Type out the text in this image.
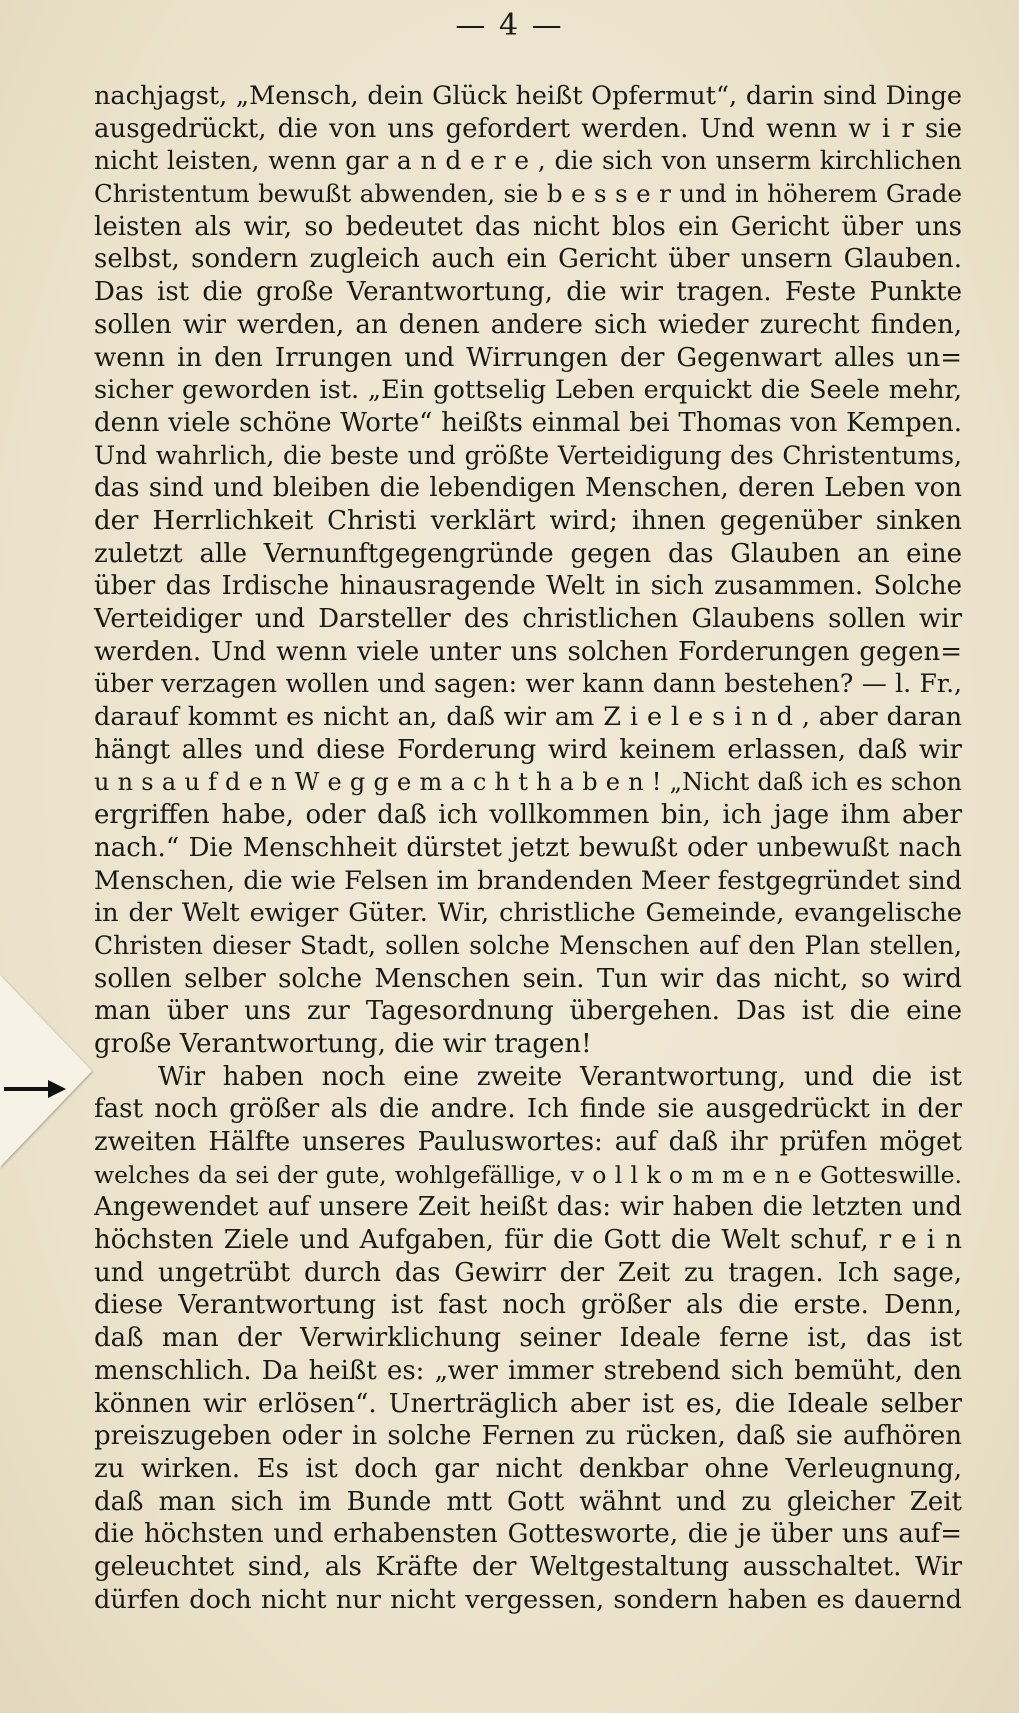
— 4 —
nachjagst, „Mensch, dein Glück heißt Opfermut“, darin sind Dinge
ausgedrückt, die von uns gefordert werden. Und wenn w i r sie
nicht leisten, wenn gar a n d e r e , die sich von unserm kirchlichen
Christentum bewußt abwenden, sie b e s s e r und in höherem Grade
leisten als wir, so bedeutet das nicht blos ein Gericht über uns
selbst, sondern zugleich auch ein Gericht über unsern Glauben.
Das ist die große Verantwortung, die wir tragen. Feste Punkte
sollen wir werden, an denen andere sich wieder zurecht finden,
wenn in den Irrungen und Wirrungen der Gegenwart alles un=
sicher geworden ist. „Ein gottselig Leben erquickt die Seele mehr,
denn viele schöne Worte“ heißts einmal bei Thomas von Kempen.
Und wahrlich, die beste und größte Verteidigung des Christentums,
das sind und bleiben die lebendigen Menschen, deren Leben von
der Herrlichkeit Christi verklärt wird; ihnen gegenüber sinken
zuletzt alle Vernunftgegengründe gegen das Glauben an eine
über das Irdische hinausragende Welt in sich zusammen. Solche
Verteidiger und Darsteller des christlichen Glaubens sollen wir
werden. Und wenn viele unter uns solchen Forderungen gegen=
über verzagen wollen und sagen: wer kann dann bestehen? — l. Fr.,
darauf kommt es nicht an, daß wir am Z i e l e s i n d , aber daran
hängt alles und diese Forderung wird keinem erlassen, daß wir
u n s a u f d e n W e g g e m a c h t h a b e n ! „Nicht daß ich es schon
ergriffen habe, oder daß ich vollkommen bin, ich jage ihm aber
nach.“ Die Menschheit dürstet jetzt bewußt oder unbewußt nach
Menschen, die wie Felsen im brandenden Meer festgegründet sind
in der Welt ewiger Güter. Wir, christliche Gemeinde, evangelische
Christen dieser Stadt, sollen solche Menschen auf den Plan stellen,
sollen selber solche Menschen sein. Tun wir das nicht, so wird
man über uns zur Tagesordnung übergehen. Das ist die eine
große Verantwortung, die wir tragen!
Wir haben noch eine zweite Verantwortung, und die ist
fast noch größer als die andre. Ich finde sie ausgedrückt in der
zweiten Hälfte unseres Pauluswortes: auf daß ihr prüfen möget
welches da sei der gute, wohlgefällige, v o l l k o m m e n e Gotteswille.
Angewendet auf unsere Zeit heißt das: wir haben die letzten und
höchsten Ziele und Aufgaben, für die Gott die Welt schuf, r e i n
und ungetrübt durch das Gewirr der Zeit zu tragen. Ich sage,
diese Verantwortung ist fast noch größer als die erste. Denn,
daß man der Verwirklichung seiner Ideale ferne ist, das ist
menschlich. Da heißt es: „wer immer strebend sich bemüht, den
können wir erlösen“. Unerträglich aber ist es, die Ideale selber
preiszugeben oder in solche Fernen zu rücken, daß sie aufhören
zu wirken. Es ist doch gar nicht denkbar ohne Verleugnung,
daß man sich im Bunde mtt Gott wähnt und zu gleicher Zeit
die höchsten und erhabensten Gottesworte, die je über uns auf=
geleuchtet sind, als Kräfte der Weltgestaltung ausschaltet. Wir
dürfen doch nicht nur nicht vergessen, sondern haben es dauernd
